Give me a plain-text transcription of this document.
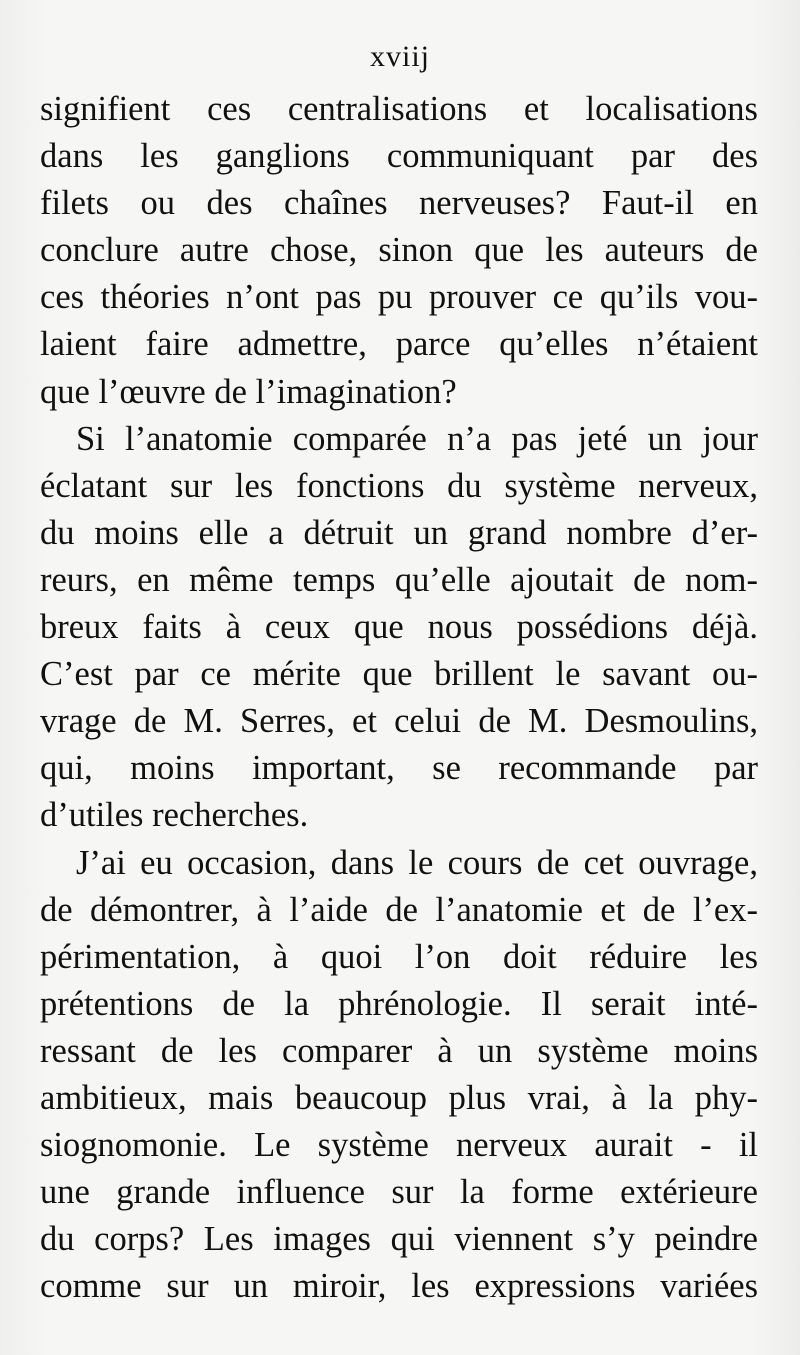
xviij
signifient ces centralisations et localisations
dans les ganglions communiquant par des
filets ou des chaînes nerveuses? Faut-il en
conclure autre chose, sinon que les auteurs de
ces théories n’ont pas pu prouver ce qu’ils vou-
laient faire admettre, parce qu’elles n’étaient
que l’œuvre de l’imagination?
Si l’anatomie comparée n’a pas jeté un jour
éclatant sur les fonctions du système nerveux,
du moins elle a détruit un grand nombre d’er-
reurs, en même temps qu’elle ajoutait de nom-
breux faits à ceux que nous possédions déjà.
C’est par ce mérite que brillent le savant ou-
vrage de M. Serres, et celui de M. Desmoulins,
qui, moins important, se recommande par
d’utiles recherches.
J’ai eu occasion, dans le cours de cet ouvrage,
de démontrer, à l’aide de l’anatomie et de l’ex-
périmentation, à quoi l’on doit réduire les
prétentions de la phrénologie. Il serait inté-
ressant de les comparer à un système moins
ambitieux, mais beaucoup plus vrai, à la phy-
siognomonie. Le système nerveux aurait - il
une grande influence sur la forme extérieure
du corps? Les images qui viennent s’y peindre
comme sur un miroir, les expressions variées
